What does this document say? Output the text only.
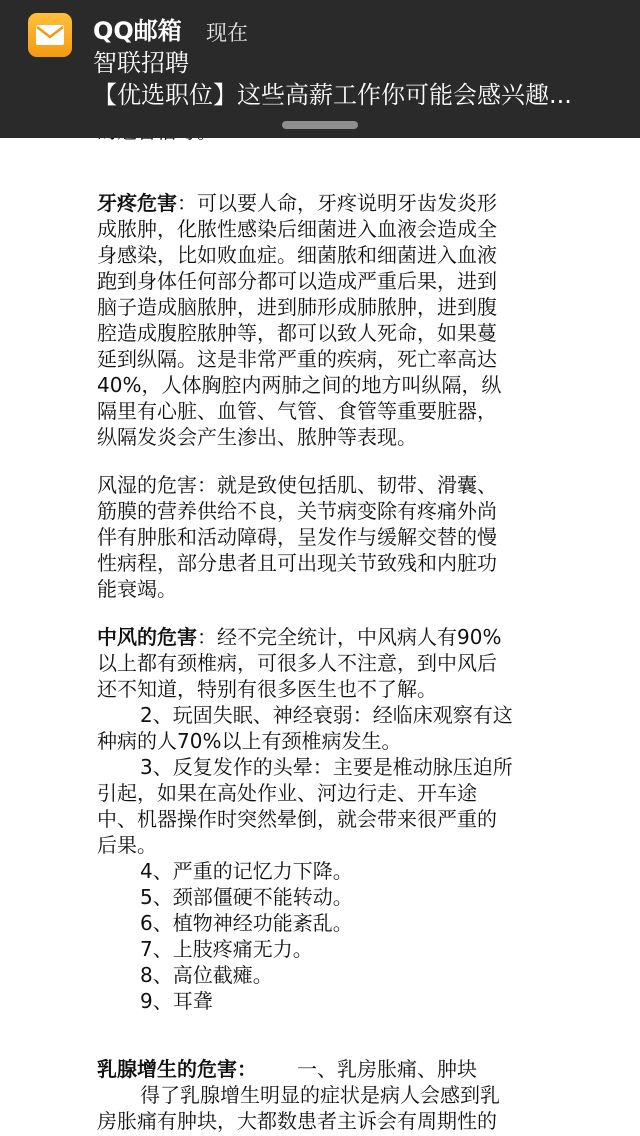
牙疼危害：可以要人命，牙疼说明牙齿发炎形
成脓肿，化脓性感染后细菌进入血液会造成全
身感染，比如败血症。细菌脓和细菌进入血液
跑到身体任何部分都可以造成严重后果，进到
脑子造成脑脓肿，进到肺形成肺脓肿，进到腹
腔造成腹腔脓肿等，都可以致人死命，如果蔓
延到纵隔。这是非常严重的疾病，死亡率高达
40%，人体胸腔内两肺之间的地方叫纵隔，纵
隔里有心脏、血管、气管、食管等重要脏器，
纵隔发炎会产生渗出、脓肿等表现。
风湿的危害：就是致使包括肌、韧带、滑囊、
筋膜的营养供给不良，关节病变除有疼痛外尚
伴有肿胀和活动障碍，呈发作与缓解交替的慢
性病程，部分患者且可出现关节致残和内脏功
能衰竭。
中风的危害：经不完全统计，中风病人有90%
以上都有颈椎病，可很多人不注意，到中风后
还不知道，特别有很多医生也不了解。
2、玩固失眠、神经衰弱：经临床观察有这
种病的人70%以上有颈椎病发生。
3、反复发作的头晕：主要是椎动脉压迫所
引起，如果在高处作业、河边行走、开车途
中、机器操作时突然晕倒，就会带来很严重的
后果。
4、严重的记忆力下降。
5、颈部僵硬不能转动。
6、植物神经功能紊乱。
7、上肢疼痛无力。
8、高位截瘫。
9、耳聋
乳腺增生的危害： 一、乳房胀痛、肿块
得了乳腺增生明显的症状是病人会感到乳
房胀痛有肿块，大都数患者主诉会有周期性的
QQ邮箱 现在
智联招聘
【优选职位】这些高薪工作你可能会感兴趣...
